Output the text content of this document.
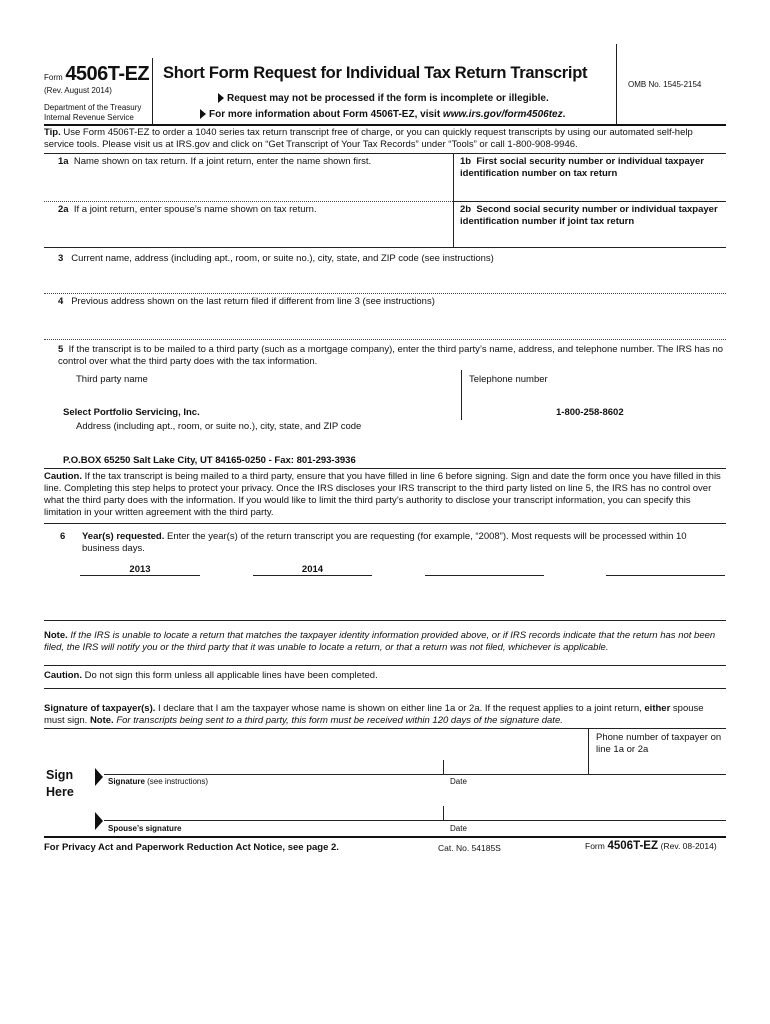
Form 4506T-EZ
(Rev. August 2014)
Department of the Treasury
Internal Revenue Service
Short Form Request for Individual Tax Return Transcript
Request may not be processed if the form is incomplete or illegible.
For more information about Form 4506T-EZ, visit www.irs.gov/form4506tez.
OMB No. 1545-2154
Tip. Use Form 4506T-EZ to order a 1040 series tax return transcript free of charge, or you can quickly request transcripts by using our automated self-help service tools. Please visit us at IRS.gov and click on “Get Transcript of Your Tax Records” under “Tools” or call 1-800-908-9946.
1a Name shown on tax return. If a joint return, enter the name shown first.	1b First social security number or individual taxpayer identification number on tax return
2a If a joint return, enter spouse’s name shown on tax return.	2b Second social security number or individual taxpayer identification number if joint tax return
3 Current name, address (including apt., room, or suite no.), city, state, and ZIP code (see instructions)
4 Previous address shown on the last return filed if different from line 3 (see instructions)
5 If the transcript is to be mailed to a third party (such as a mortgage company), enter the third party’s name, address, and telephone number. The IRS has no control over what the third party does with the tax information.
Third party name	Telephone number
Select Portfolio Servicing, Inc.	1-800-258-8602
Address (including apt., room, or suite no.), city, state, and ZIP code
P.O.BOX 65250 Salt Lake City, UT 84165-0250 - Fax: 801-293-3936
Caution. If the tax transcript is being mailed to a third party, ensure that you have filled in line 6 before signing. Sign and date the form once you have filled in this line. Completing this step helps to protect your privacy. Once the IRS discloses your IRS transcript to the third party listed on line 5, the IRS has no control over what the third party does with the information. If you would like to limit the third party’s authority to disclose your transcript information, you can specify this limitation in your written agreement with the third party.
6 Year(s) requested. Enter the year(s) of the return transcript you are requesting (for example, “2008”). Most requests will be processed within 10 business days.
2013	2014
Note. If the IRS is unable to locate a return that matches the taxpayer identity information provided above, or if IRS records indicate that the return has not been filed, the IRS will notify you or the third party that it was unable to locate a return, or that a return was not filed, whichever is applicable.
Caution. Do not sign this form unless all applicable lines have been completed.
Signature of taxpayer(s). I declare that I am the taxpayer whose name is shown on either line 1a or 2a. If the request applies to a joint return, either spouse must sign. Note. For transcripts being sent to a third party, this form must be received within 120 days of the signature date.
Phone number of taxpayer on line 1a or 2a
Sign
Here
Signature (see instructions)	Date
Spouse’s signature	Date
For Privacy Act and Paperwork Reduction Act Notice, see page 2.	Cat. No. 54185S	Form 4506T-EZ (Rev. 08-2014)
